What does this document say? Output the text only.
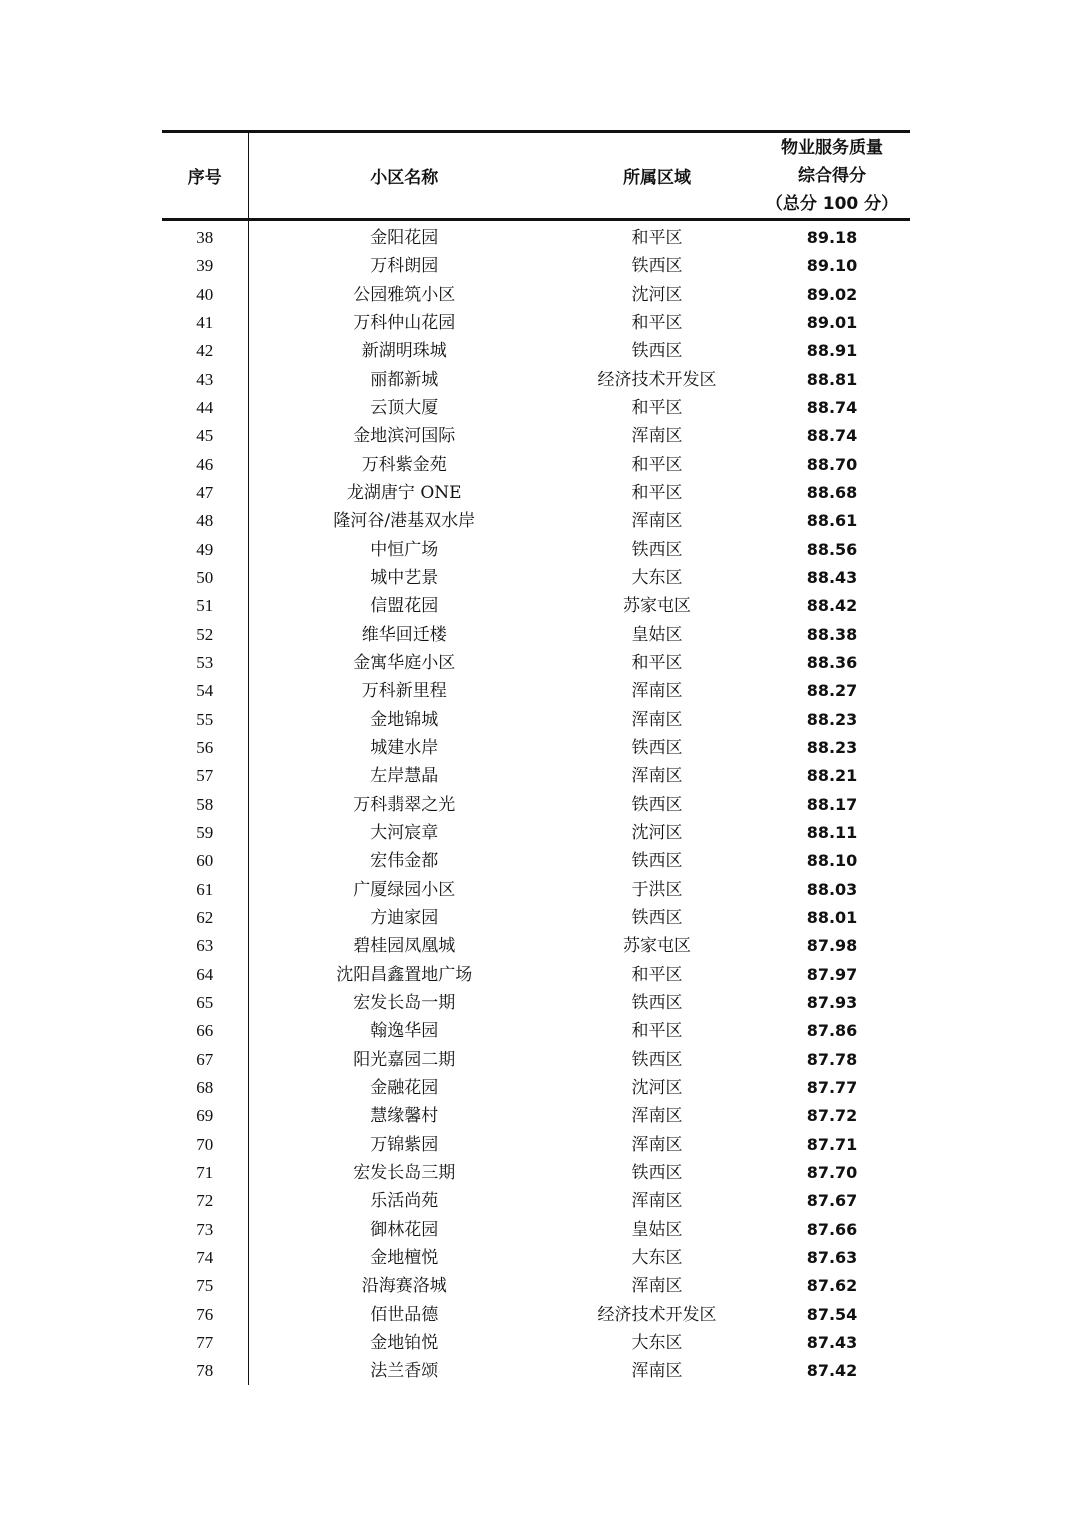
序号	小区名称	所属区域	物业服务质量
综合得分
（总分 100 分）

38	金阳花园	和平区	89.18
39	万科朗园	铁西区	89.10
40	公园雅筑小区	沈河区	89.02
41	万科仲山花园	和平区	89.01
42	新湖明珠城	铁西区	88.91
43	丽都新城	经济技术开发区	88.81
44	云顶大厦	和平区	88.74
45	金地滨河国际	浑南区	88.74
46	万科紫金苑	和平区	88.70
47	龙湖唐宁 ONE	和平区	88.68
48	隆河谷/港基双水岸	浑南区	88.61
49	中恒广场	铁西区	88.56
50	城中艺景	大东区	88.43
51	信盟花园	苏家屯区	88.42
52	维华回迁楼	皇姑区	88.38
53	金寓华庭小区	和平区	88.36
54	万科新里程	浑南区	88.27
55	金地锦城	浑南区	88.23
56	城建水岸	铁西区	88.23
57	左岸慧晶	浑南区	88.21
58	万科翡翠之光	铁西区	88.17
59	大河宸章	沈河区	88.11
60	宏伟金都	铁西区	88.10
61	广厦绿园小区	于洪区	88.03
62	方迪家园	铁西区	88.01
63	碧桂园凤凰城	苏家屯区	87.98
64	沈阳昌鑫置地广场	和平区	87.97
65	宏发长岛一期	铁西区	87.93
66	翰逸华园	和平区	87.86
67	阳光嘉园二期	铁西区	87.78
68	金融花园	沈河区	87.77
69	慧缘馨村	浑南区	87.72
70	万锦紫园	浑南区	87.71
71	宏发长岛三期	铁西区	87.70
72	乐活尚苑	浑南区	87.67
73	御林花园	皇姑区	87.66
74	金地檀悦	大东区	87.63
75	沿海赛洛城	浑南区	87.62
76	佰世品德	经济技术开发区	87.54
77	金地铂悦	大东区	87.43
78	法兰香颂	浑南区	87.42
